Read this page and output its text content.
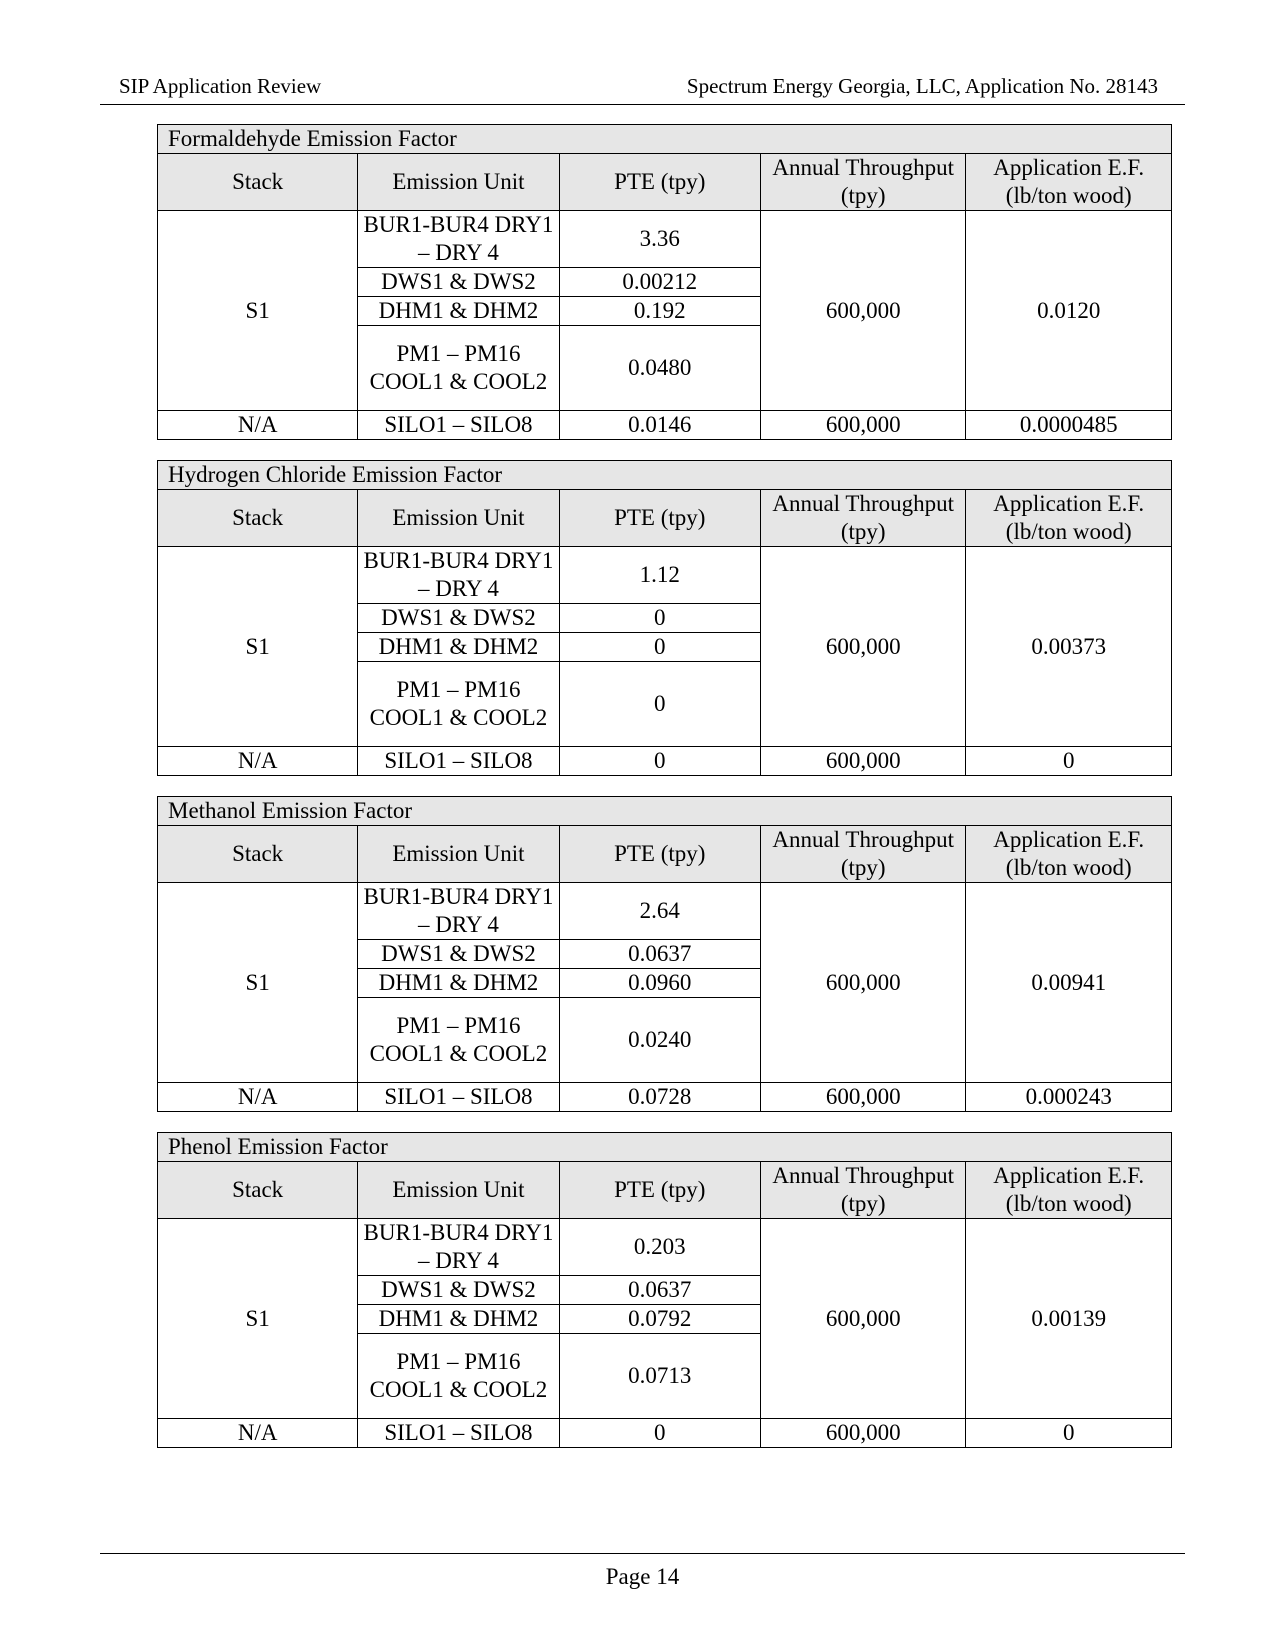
SIP Application Review	Spectrum Energy Georgia, LLC, Application No. 28143
Formaldehyde Emission Factor				
Stack	Emission Unit	PTE (tpy)	Annual Throughput (tpy)	Application E.F. (lb/ton wood)
S1	BUR1-BUR4 DRY1 – DRY 4	3.36	600,000	0.0120
	DWS1 & DWS2	0.00212		
	DHM1 & DHM2	0.192		
	PM1 – PM16 COOL1 & COOL2	0.0480		
N/A	SILO1 – SILO8	0.0146	600,000	0.0000485
Hydrogen Chloride Emission Factor				
Stack	Emission Unit	PTE (tpy)	Annual Throughput (tpy)	Application E.F. (lb/ton wood)
S1	BUR1-BUR4 DRY1 – DRY 4	1.12	600,000	0.00373
	DWS1 & DWS2	0		
	DHM1 & DHM2	0		
	PM1 – PM16 COOL1 & COOL2	0		
N/A	SILO1 – SILO8	0	600,000	0
Methanol Emission Factor				
Stack	Emission Unit	PTE (tpy)	Annual Throughput (tpy)	Application E.F. (lb/ton wood)
S1	BUR1-BUR4 DRY1 – DRY 4	2.64	600,000	0.00941
	DWS1 & DWS2	0.0637		
	DHM1 & DHM2	0.0960		
	PM1 – PM16 COOL1 & COOL2	0.0240		
N/A	SILO1 – SILO8	0.0728	600,000	0.000243
Phenol Emission Factor				
Stack	Emission Unit	PTE (tpy)	Annual Throughput (tpy)	Application E.F. (lb/ton wood)
S1	BUR1-BUR4 DRY1 – DRY 4	0.203	600,000	0.00139
	DWS1 & DWS2	0.0637		
	DHM1 & DHM2	0.0792		
	PM1 – PM16 COOL1 & COOL2	0.0713		
N/A	SILO1 – SILO8	0	600,000	0
Page 14
